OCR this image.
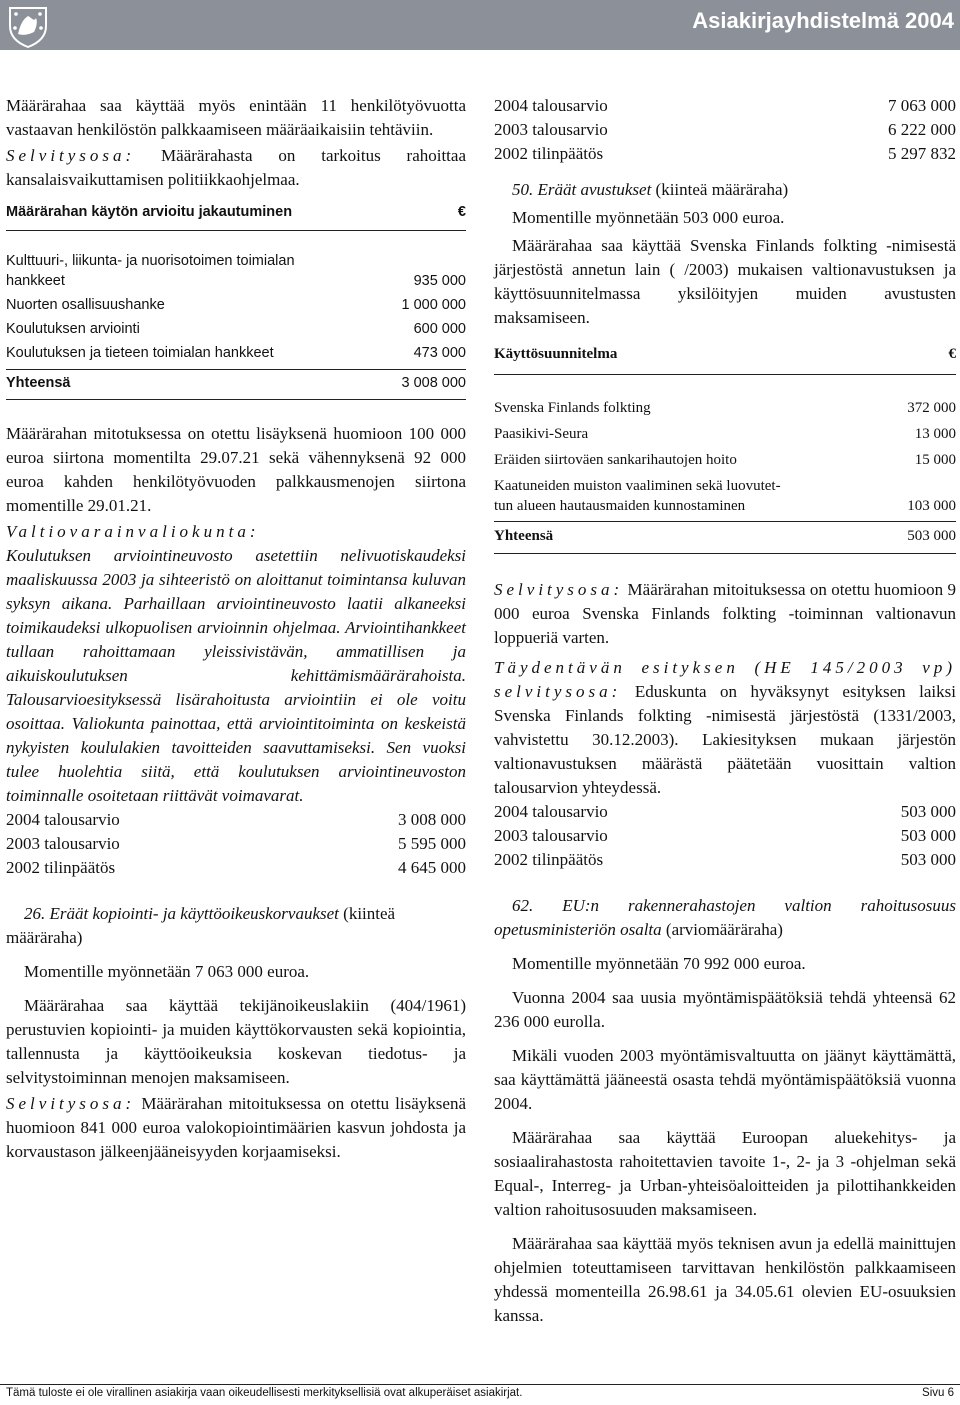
Asiakirjayhdistelmä 2004

Määrärahaa saa käyttää myös enintään 11 henkilötyövuotta vastaavan henkilöstön palkkaamiseen määräaikaisiin tehtäviin.

Selvitysosa: Määrärahasta on tarkoitus rahoittaa kansalaisvaikuttamisen politiikkaohjelmaa.

Määrärahan käytön arvioitu jakautuminen	€
Kulttuuri-, liikunta- ja nuorisotoimen toimialan
hankkeet	935 000
Nuorten osallisuushanke	1 000 000
Koulutuksen arviointi	600 000
Koulutuksen ja tieteen toimialan hankkeet	473 000
Yhteensä	3 008 000

Määrärahan mitotuksessa on otettu lisäyksenä huomioon 100 000 euroa siirtona momentilta 29.07.21 sekä vähennyksenä 92 000 euroa kahden henkilötyövuoden palkkausmenojen siirtona momentille 29.01.21.

Valtiovarainvaliokunta:
Koulutuksen arviointineuvosto asetettiin nelivuotiskaudeksi maaliskuussa 2003 ja sihteeristö on aloittanut toimintansa kuluvan syksyn aikana. Parhaillaan arviointineuvosto laatii alkaneeksi toimikaudeksi ulkopuolisen arvioinnin ohjelmaa. Arviointihankkeet tullaan rahoittamaan yleissivistävän, ammatillisen ja aikuiskoulutuksen kehittämismäärärahoista. Talousarvioesityksessä lisärahoitusta arviointiin ei ole voitu osoittaa. Valiokunta painottaa, että arviointitoiminta on keskeistä nykyisten koululakien tavoitteiden saavuttamiseksi. Sen vuoksi tulee huolehtia siitä, että koulutuksen arviointineuvoston toiminnalle osoitetaan riittävät voimavarat.

2004 talousarvio	3 008 000
2003 talousarvio	5 595 000
2002 tilinpäätös	4 645 000

26. Eräät kopiointi- ja käyttöoikeuskorvaukset (kiinteä määräraha)

Momentille myönnetään 7 063 000 euroa.

Määrärahaa saa käyttää tekijänoikeuslakiin (404/1961) perustuvien kopiointi- ja muiden käyttökorvausten sekä kopiointia, tallennusta ja käyttöoikeuksia koskevan tiedotus- ja selvitystoiminnan menojen maksamiseen.

Selvitysosa: Määrärahan mitoituksessa on otettu lisäyksenä huomioon 841 000 euroa valokopiointimäärien kasvun johdosta ja korvaustason jälkeenjääneisyyden korjaamiseksi.

2004 talousarvio	7 063 000
2003 talousarvio	6 222 000
2002 tilinpäätös	5 297 832

50. Eräät avustukset (kiinteä määräraha)

Momentille myönnetään 503 000 euroa.

Määrärahaa saa käyttää Svenska Finlands folkting -nimisestä järjestöstä annetun lain ( /2003) mukaisen valtionavustuksen ja käyttösuunnitelmassa yksilöityjen muiden avustusten maksamiseen.

Käyttösuunnitelma	€
Svenska Finlands folkting	372 000
Paasikivi-Seura	13 000
Eräiden siirtoväen sankarihautojen hoito	15 000
Kaatuneiden muiston vaaliminen sekä luovutet-
tun alueen hautausmaiden kunnostaminen	103 000
Yhteensä	503 000

Selvitysosa: Määrärahan mitoituksessa on otettu huomioon 9 000 euroa Svenska Finlands folkting -toiminnan valtionavun loppueriä varten.

Täydentävän esityksen (HE 145/2003 vp) selvitysosa: Eduskunta on hyväksynyt esityksen laiksi Svenska Finlands folkting -nimisestä järjestöstä (1331/2003, vahvistettu 30.12.2003). Lakiesityksen mukaan järjestön valtionavustuksen määrästä päätetään vuosittain valtion talousarvion yhteydessä.

2004 talousarvio	503 000
2003 talousarvio	503 000
2002 tilinpäätös	503 000

62. EU:n rakennerahastojen valtion rahoitusosuus opetusministeriön osalta (arviomääräraha)

Momentille myönnetään 70 992 000 euroa.

Vuonna 2004 saa uusia myöntämispäätöksiä tehdä yhteensä 62 236 000 eurolla.

Mikäli vuoden 2003 myöntämisvaltuutta on jäänyt käyttämättä, saa käyttämättä jääneestä osasta tehdä myöntämispäätöksiä vuonna 2004.

Määrärahaa saa käyttää Euroopan aluekehitys- ja sosiaalirahastosta rahoitettavien tavoite 1-, 2- ja 3 -ohjelman sekä Equal-, Interreg- ja Urban-yhteisöaloitteiden ja pilottihankkeiden valtion rahoitusosuuden maksamiseen.

Määrärahaa saa käyttää myös teknisen avun ja edellä mainittujen ohjelmien toteuttamiseen tarvittavan henkilöstön palkkaamiseen yhdessä momenteilla 26.98.61 ja 34.05.61 olevien EU-osuuksien kanssa.

Tämä tuloste ei ole virallinen asiakirja vaan oikeudellisesti merkityksellisiä ovat alkuperäiset asiakirjat.	Sivu 6
